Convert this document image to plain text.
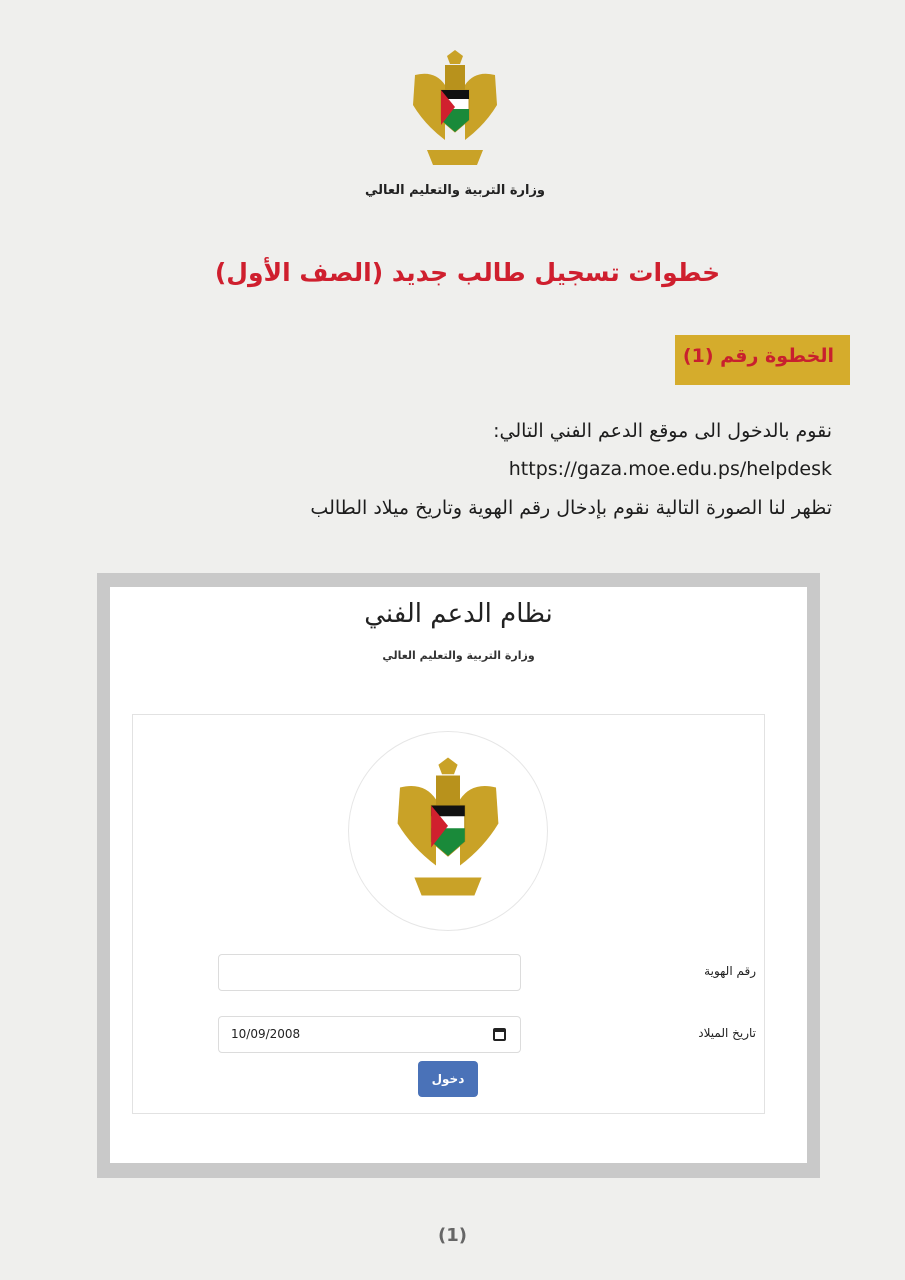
وزارة التربية والتعليم العالي
خطوات تسجيل طالب جديد (الصف الأول)
الخطوة رقم (1)
نقوم بالدخول الى موقع الدعم الفني التالي:
https://gaza.moe.edu.ps/helpdesk
تظهر لنا الصورة التالية نقوم بإدخال رقم الهوية وتاريخ ميلاد الطالب
نظام الدعم الفني
وزارة التربية والتعليم العالي
رقم الهوية
تاريخ الميلاد
10/09/2008
دخول
(1)
